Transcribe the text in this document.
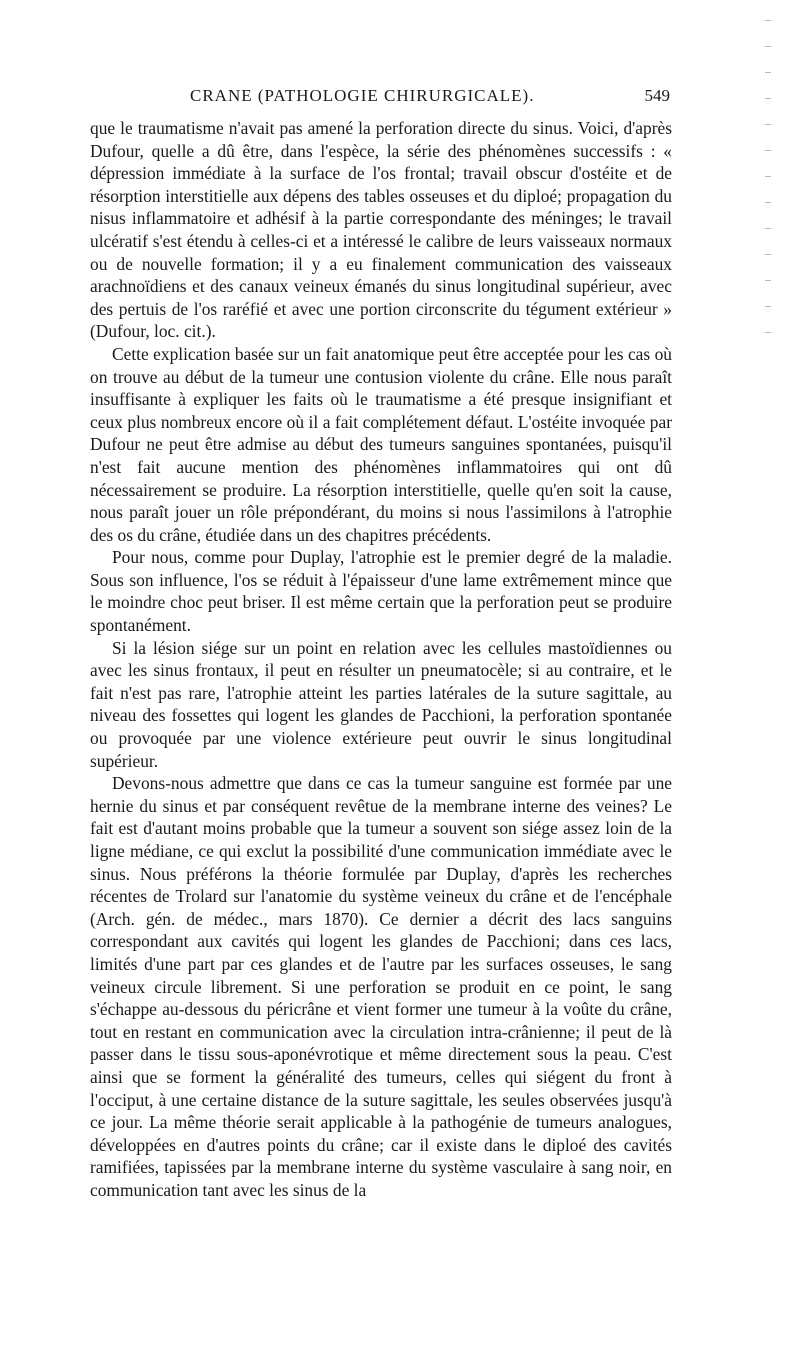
CRANE (PATHOLOGIE CHIRURGICALE).	549

que le traumatisme n'avait pas amené la perforation directe du sinus. Voici, d'après Dufour, quelle a dû être, dans l'espèce, la série des phénomènes successifs : « dépression immédiate à la surface de l'os frontal; travail obscur d'ostéite et de résorption interstitielle aux dépens des tables osseuses et du diploé; propagation du nisus inflammatoire et adhésif à la partie correspondante des méninges; le travail ulcératif s'est étendu à celles-ci et a intéressé le calibre de leurs vaisseaux normaux ou de nouvelle formation; il y a eu finalement communication des vaisseaux arachnoïdiens et des canaux veineux émanés du sinus longitudinal supérieur, avec des pertuis de l'os raréfié et avec une portion circonscrite du tégument extérieur » (Dufour, loc. cit.).

Cette explication basée sur un fait anatomique peut être acceptée pour les cas où on trouve au début de la tumeur une contusion violente du crâne. Elle nous paraît insuffisante à expliquer les faits où le traumatisme a été presque insignifiant et ceux plus nombreux encore où il a fait complétement défaut. L'ostéite invoquée par Dufour ne peut être admise au début des tumeurs sanguines spontanées, puisqu'il n'est fait aucune mention des phénomènes inflammatoires qui ont dû nécessairement se produire. La résorption interstitielle, quelle qu'en soit la cause, nous paraît jouer un rôle prépondérant, du moins si nous l'assimilons à l'atrophie des os du crâne, étudiée dans un des chapitres précédents.

Pour nous, comme pour Duplay, l'atrophie est le premier degré de la maladie. Sous son influence, l'os se réduit à l'épaisseur d'une lame extrêmement mince que le moindre choc peut briser. Il est même certain que la perforation peut se produire spontanément.

Si la lésion siége sur un point en relation avec les cellules mastoïdiennes ou avec les sinus frontaux, il peut en résulter un pneumatocèle; si au contraire, et le fait n'est pas rare, l'atrophie atteint les parties latérales de la suture sagittale, au niveau des fossettes qui logent les glandes de Pacchioni, la perforation spontanée ou provoquée par une violence extérieure peut ouvrir le sinus longitudinal supérieur.

Devons-nous admettre que dans ce cas la tumeur sanguine est formée par une hernie du sinus et par conséquent revêtue de la membrane interne des veines? Le fait est d'autant moins probable que la tumeur a souvent son siége assez loin de la ligne médiane, ce qui exclut la possibilité d'une communication immédiate avec le sinus. Nous préférons la théorie formulée par Duplay, d'après les recherches récentes de Trolard sur l'anatomie du système veineux du crâne et de l'encéphale (Arch. gén. de médec., mars 1870). Ce dernier a décrit des lacs sanguins correspondant aux cavités qui logent les glandes de Pacchioni; dans ces lacs, limités d'une part par ces glandes et de l'autre par les surfaces osseuses, le sang veineux circule librement. Si une perforation se produit en ce point, le sang s'échappe au-dessous du péricrâne et vient former une tumeur à la voûte du crâne, tout en restant en communication avec la circulation intra-crânienne; il peut de là passer dans le tissu sous-aponévrotique et même directement sous la peau. C'est ainsi que se forment la généralité des tumeurs, celles qui siégent du front à l'occiput, à une certaine distance de la suture sagittale, les seules observées jusqu'à ce jour. La même théorie serait applicable à la pathogénie de tumeurs analogues, développées en d'autres points du crâne; car il existe dans le diploé des cavités ramifiées, tapissées par la membrane interne du système vasculaire à sang noir, en communication tant avec les sinus de la
